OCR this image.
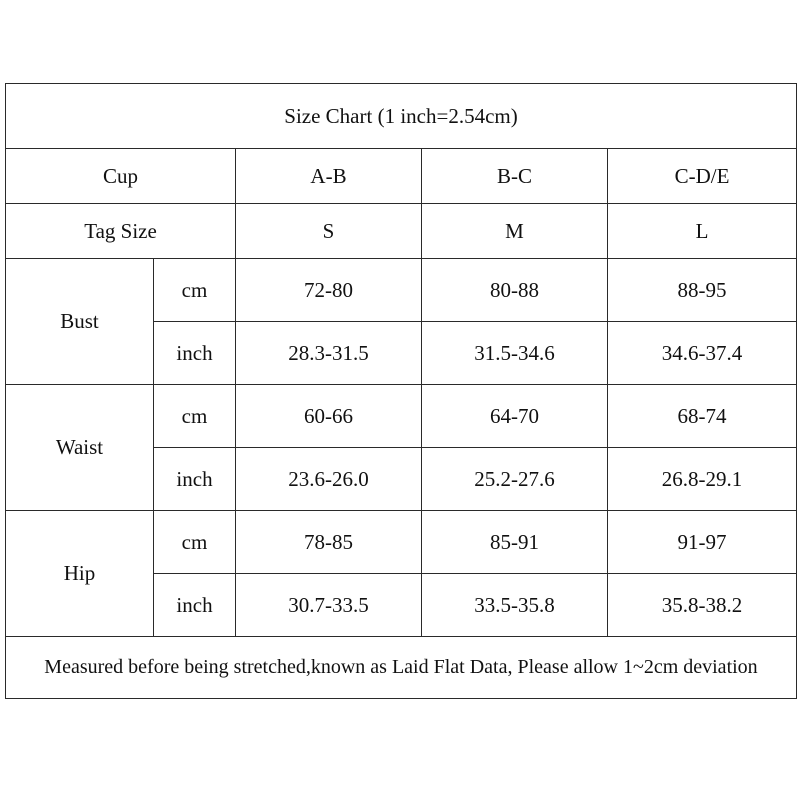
Size Chart (1 inch=2.54cm)				
Cup		A-B	B-C	C-D/E
Tag Size		S	M	L
Bust	cm	72-80	80-88	88-95
	inch	28.3-31.5	31.5-34.6	34.6-37.4
Waist	cm	60-66	64-70	68-74
	inch	23.6-26.0	25.2-27.6	26.8-29.1
Hip	cm	78-85	85-91	91-97
	inch	30.7-33.5	33.5-35.8	35.8-38.2
Measured before being stretched,known as Laid Flat Data, Please allow 1~2cm deviation				
